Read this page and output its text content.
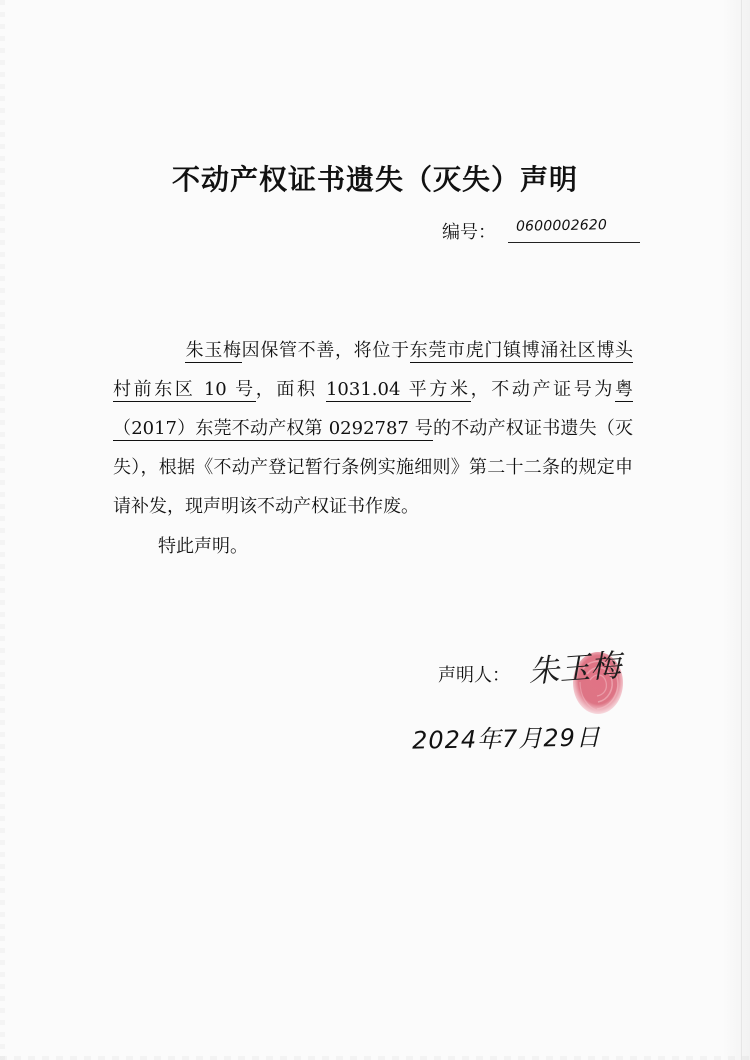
不动产权证书遗失（灭失）声明
编号： 0600002620
朱玉梅因保管不善，将位于东莞市虎门镇博涌社区博头村前东区 10 号，面积 1031.04 平方米，不动产证号为粤（2017）东莞不动产权第 0292787 号的不动产权证书遗失（灭失），根据《不动产登记暂行条例实施细则》第二十二条的规定申请补发，现声明该不动产权证书作废。
特此声明。
声明人： 朱玉梅
2024年7月29日
